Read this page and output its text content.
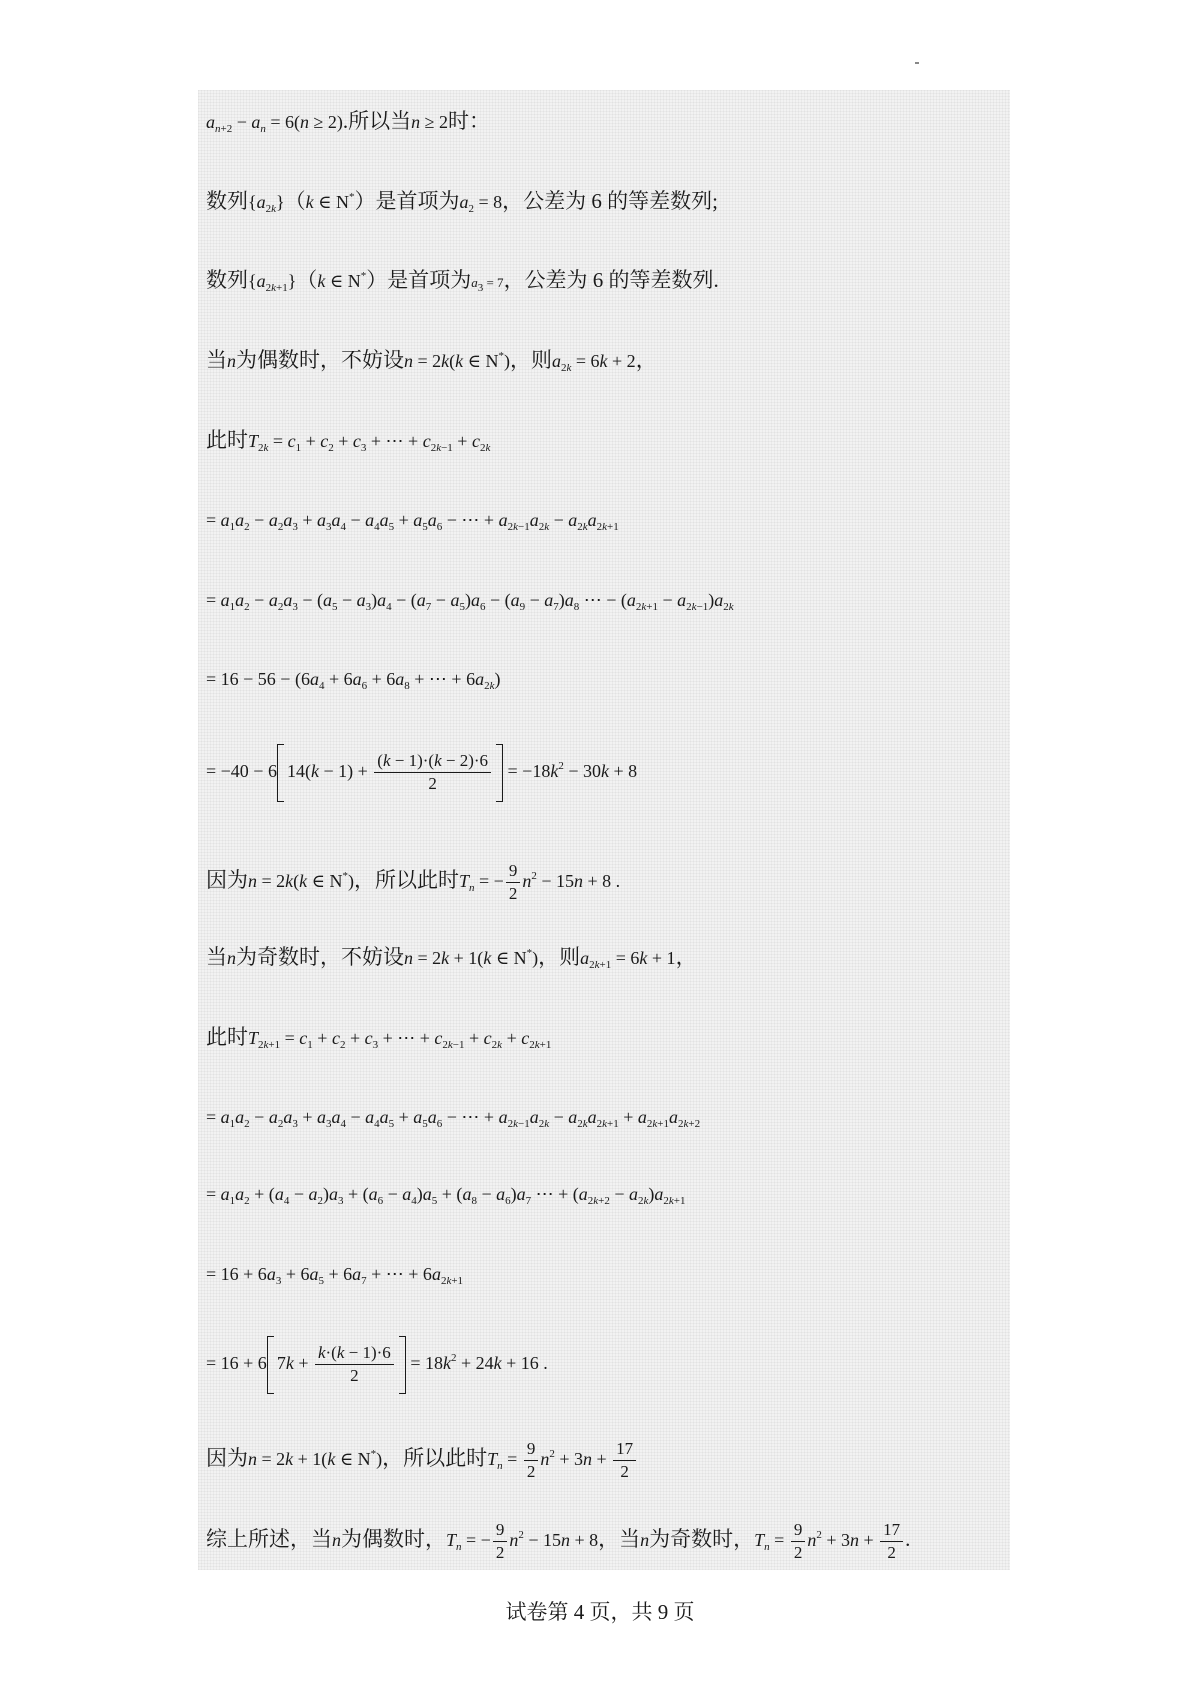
$a_{n+2} - a_n = 6(n \ge 2)$.所以当n ≥ 2时：
数列$\{a_{2k}\}(k$ ∈ N*）是首项为$a_2 = 8$，公差为 6 的等差数列;
数列$\{a_{2k+1}\}(k$ ∈ N*）是首项为$a_3 = 7$，公差为 6 的等差数列.
当n为偶数时，不妨设n = 2k(k ∈ N*)，则$a_{2k} = 6k + 2$，
此时$T_{2k} = c_1 + c_2 + c_3$ + ⋯ + $c_{2k-1} + c_{2k}$
= $a_1a_2 - a_2a_3 + a_3a_4 - a_4a_5 + a_5a_6$ − ⋯ + $a_{2k-1}a_{2k} - a_{2k}a_{2k+1}$
= $a_1a_2 - a_2a_3 - (a_5 - a_3)a_4 - (a_7 - a_5)a_6 - (a_9 - a_7)a_8$ ⋯ − $(a_{2k+1} - a_{2k-1})a_{2k}$
= $16 - 56 - (6a_4 + 6a_6 + 6a_8$ + ⋯ + $6a_{2k}$)
= −40 − 6 $14(k - 1) + \frac{(k - 1)\cdot(k - 2)\cdot 6}{2} = -18k^2 - 30k + 8$
因为n = 2k(k ∈ N*)，所以此时$T_n$ = − $\frac{9}{2} n^2 - 15n + 8$ .
当n为奇数时，不妨设n = 2k + 1(k ∈ N*)，则$a_{2k+1} = 6k + 1$，
此时$T_{2k+1} = c_1 + c_2 + c_3$ + ⋯ + $c_{2k-1} + c_{2k} + c_{2k+1}$
= $a_1a_2 - a_2a_3 + a_3a_4 - a_4a_5 + a_5a_6$ − ⋯ + $a_{2k-1}a_{2k} - a_{2k}a_{2k+1} + a_{2k+1}a_{2k+2}$
= $a_1a_2 + (a_4 - a_2)a_3 + (a_6 - a_4)a_5 + (a_8 - a_6)a_7$ ⋯ + $(a_{2k+2} - a_{2k})a_{2k+1}$
= $16 + 6a_3 + 6a_5 + 6a_7$ + ⋯ + $6a_{2k+1}$
= 16 + 6 $7k + \frac{k\cdot(k - 1)\cdot 6}{2} = 18k^2 + 24k + 16$ .
因为n = 2k + 1(k ∈ N*)，所以此时$T_n = \frac{9}{2} n^2 + 3n + \frac{17}{2}$
综上所述，当n为偶数时，$T_n$ = − $\frac{9}{2} n^2 - 15n + 8$，当n为奇数时，$T_n = \frac{9}{2} n^2 + 3n + \frac{17}{2}$ .
试卷第 4 页，共 9 页
